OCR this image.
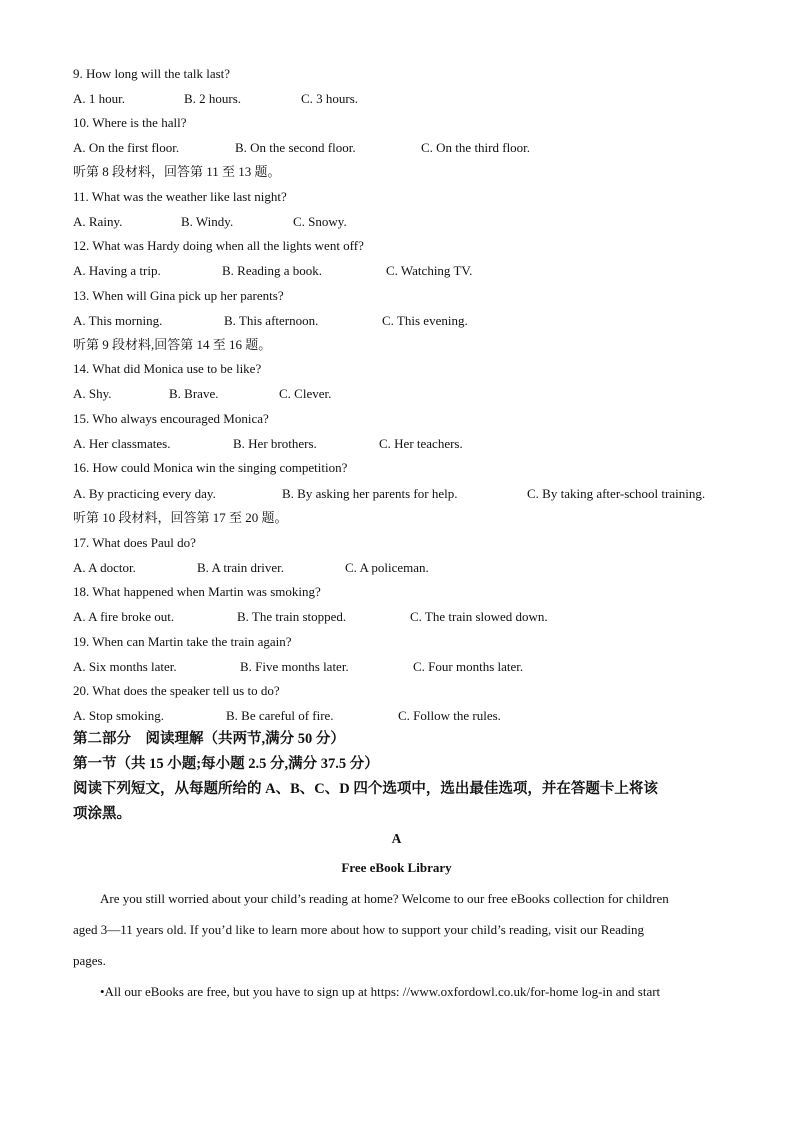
9. How long will the talk last?
A. 1 hour.	B. 2 hours.	C. 3 hours.
10. Where is the hall?
A. On the first floor.	B. On the second floor.	C. On the third floor.
听第 8 段材料，回答第 11 至 13 题。
11. What was the weather like last night?
A. Rainy.	B. Windy.	C. Snowy.
12. What was Hardy doing when all the lights went off?
A. Having a trip.	B. Reading a book.	C. Watching TV.
13. When will Gina pick up her parents?
A. This morning.	B. This afternoon.	C. This evening.
听第 9 段材料,回答第 14 至 16 题。
14. What did Monica use to be like?
A. Shy.	B. Brave.	C. Clever.
15. Who always encouraged Monica?
A. Her classmates.	B. Her brothers.	C. Her teachers.
16. How could Monica win the singing competition?
A. By practicing every day.	B. By asking her parents for help.	C. By taking after-school training.
听第 10 段材料，回答第 17 至 20 题。
17. What does Paul do?
A. A doctor.	B. A train driver.	C. A policeman.
18. What happened when Martin was smoking?
A. A fire broke out.	B. The train stopped.	C. The train slowed down.
19. When can Martin take the train again?
A. Six months later.	B. Five months later.	C. Four months later.
20. What does the speaker tell us to do?
A. Stop smoking.	B. Be careful of fire.	C. Follow the rules.
第二部分　阅读理解（共两节,满分 50 分）
第一节（共 15 小题;每小题 2.5 分,满分 37.5 分）
阅读下列短文，从每题所给的 A、B、C、D 四个选项中，选出最佳选项，并在答题卡上将该
项涂黑。
A
Free eBook Library
Are you still worried about your child’s reading at home? Welcome to our free eBooks collection for children
aged 3—11 years old. If you’d like to learn more about how to support your child’s reading, visit our Reading
pages.
•All our eBooks are free, but you have to sign up at https: //www.oxfordowl.co.uk/for-home log-in and start
